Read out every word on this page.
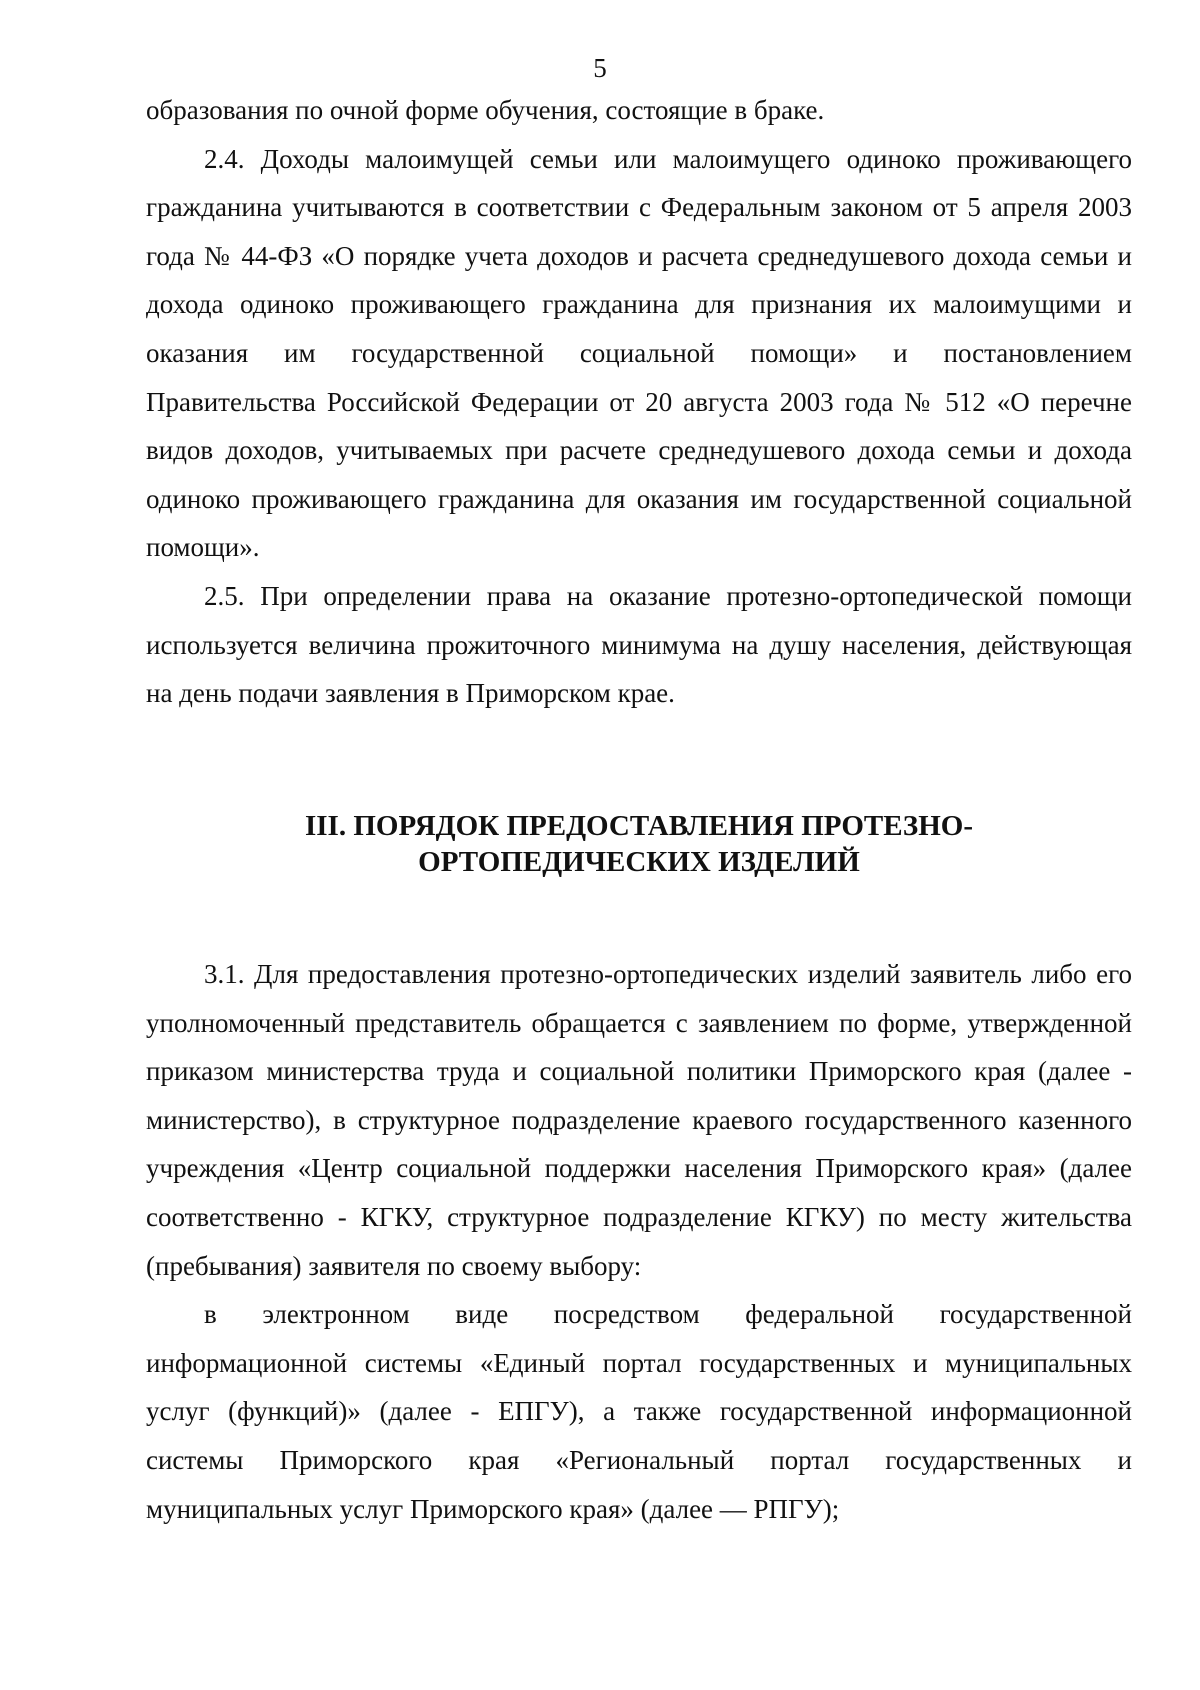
5

образования по очной форме обучения, состоящие в браке.

2.4. Доходы малоимущей семьи или малоимущего одиноко проживающего гражданина учитываются в соответствии с Федеральным законом от 5 апреля 2003 года № 44-ФЗ «О порядке учета доходов и расчета среднедушевого дохода семьи и дохода одиноко проживающего гражданина для признания их малоимущими и оказания им государственной социальной помощи» и постановлением Правительства Российской Федерации от 20 августа 2003 года № 512 «О перечне видов доходов, учитываемых при расчете среднедушевого дохода семьи и дохода одиноко проживающего гражданина для оказания им государственной социальной помощи».

2.5. При определении права на оказание протезно-ортопедической помощи используется величина прожиточного минимума на душу населения, действующая на день подачи заявления в Приморском крае.

III. ПОРЯДОК ПРЕДОСТАВЛЕНИЯ ПРОТЕЗНО-
ОРТОПЕДИЧЕСКИХ ИЗДЕЛИЙ

3.1. Для предоставления протезно-ортопедических изделий заявитель либо его уполномоченный представитель обращается с заявлением по форме, утвержденной приказом министерства труда и социальной политики Приморского края (далее - министерство), в структурное подразделение краевого государственного казенного учреждения «Центр социальной поддержки населения Приморского края» (далее соответственно - КГКУ, структурное подразделение КГКУ) по месту жительства (пребывания) заявителя по своему выбору:

в электронном виде посредством федеральной государственной информационной системы «Единый портал государственных и муниципальных услуг (функций)» (далее - ЕПГУ), а также государственной информационной системы Приморского края «Региональный портал государственных и муниципальных услуг Приморского края» (далее — РПГУ);
